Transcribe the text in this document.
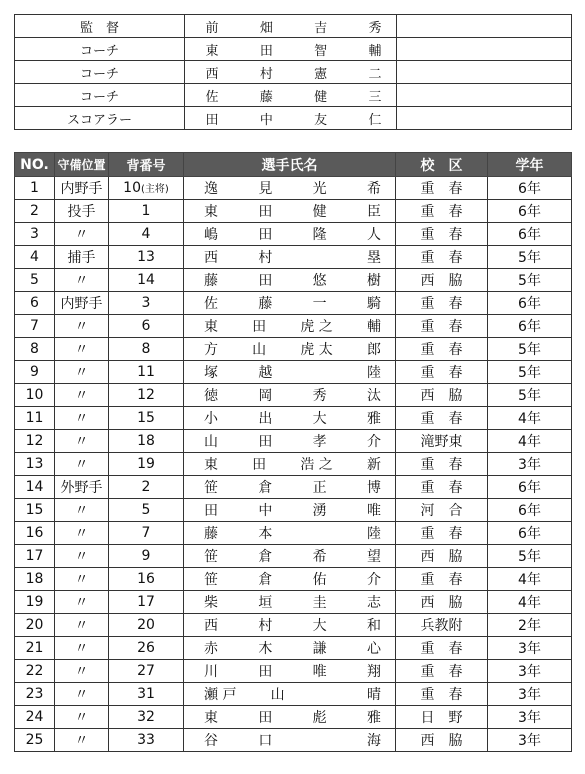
監　督	前 畑 吉 秀	

コーチ	東 田 智 輔	

コーチ	西 村 憲 二	

コーチ	佐 藤 健 三	

スコアラー	田 中 友 仁	

NO.	守備位置	背番号	選手氏名	校　区	学年
1	内野手	10(主将)	逸 見 光 希	重　春	6年
2	投手	1	東 田 健 臣	重　春	6年
3	〃	4	嶋 田 隆 人	重　春	6年
4	捕手	13	西 村 塁	重　春	5年
5	〃	14	藤 田 悠 樹	西　脇	5年
6	内野手	3	佐 藤 一 騎	重　春	6年
7	〃	6	東 田 虎 之 輔	重　春	6年
8	〃	8	方 山 虎 太 郎	重　春	5年
9	〃	11	塚 越 陸	重　春	5年
10	〃	12	徳 岡 秀 汰	西　脇	5年
11	〃	15	小 出 大 雅	重　春	4年
12	〃	18	山 田 孝 介	滝野東	4年
13	〃	19	東 田 浩 之 新	重　春	3年
14	外野手	2	笹 倉 正 博	重　春	6年
15	〃	5	田 中 湧 唯	河　合	6年
16	〃	7	藤 本 陸	重　春	6年
17	〃	9	笹 倉 希 望	西　脇	5年
18	〃	16	笹 倉 佑 介	重　春	4年
19	〃	17	柴 垣 圭 志	西　脇	4年
20	〃	20	西 村 大 和	兵教附	2年
21	〃	26	赤 木 謙 心	重　春	3年
22	〃	27	川 田 唯 翔	重　春	3年
23	〃	31	瀬 戸 山 晴	重　春	3年
24	〃	32	東 田 彪 雅	日　野	3年
25	〃	33	谷 口 海	西　脇	3年
